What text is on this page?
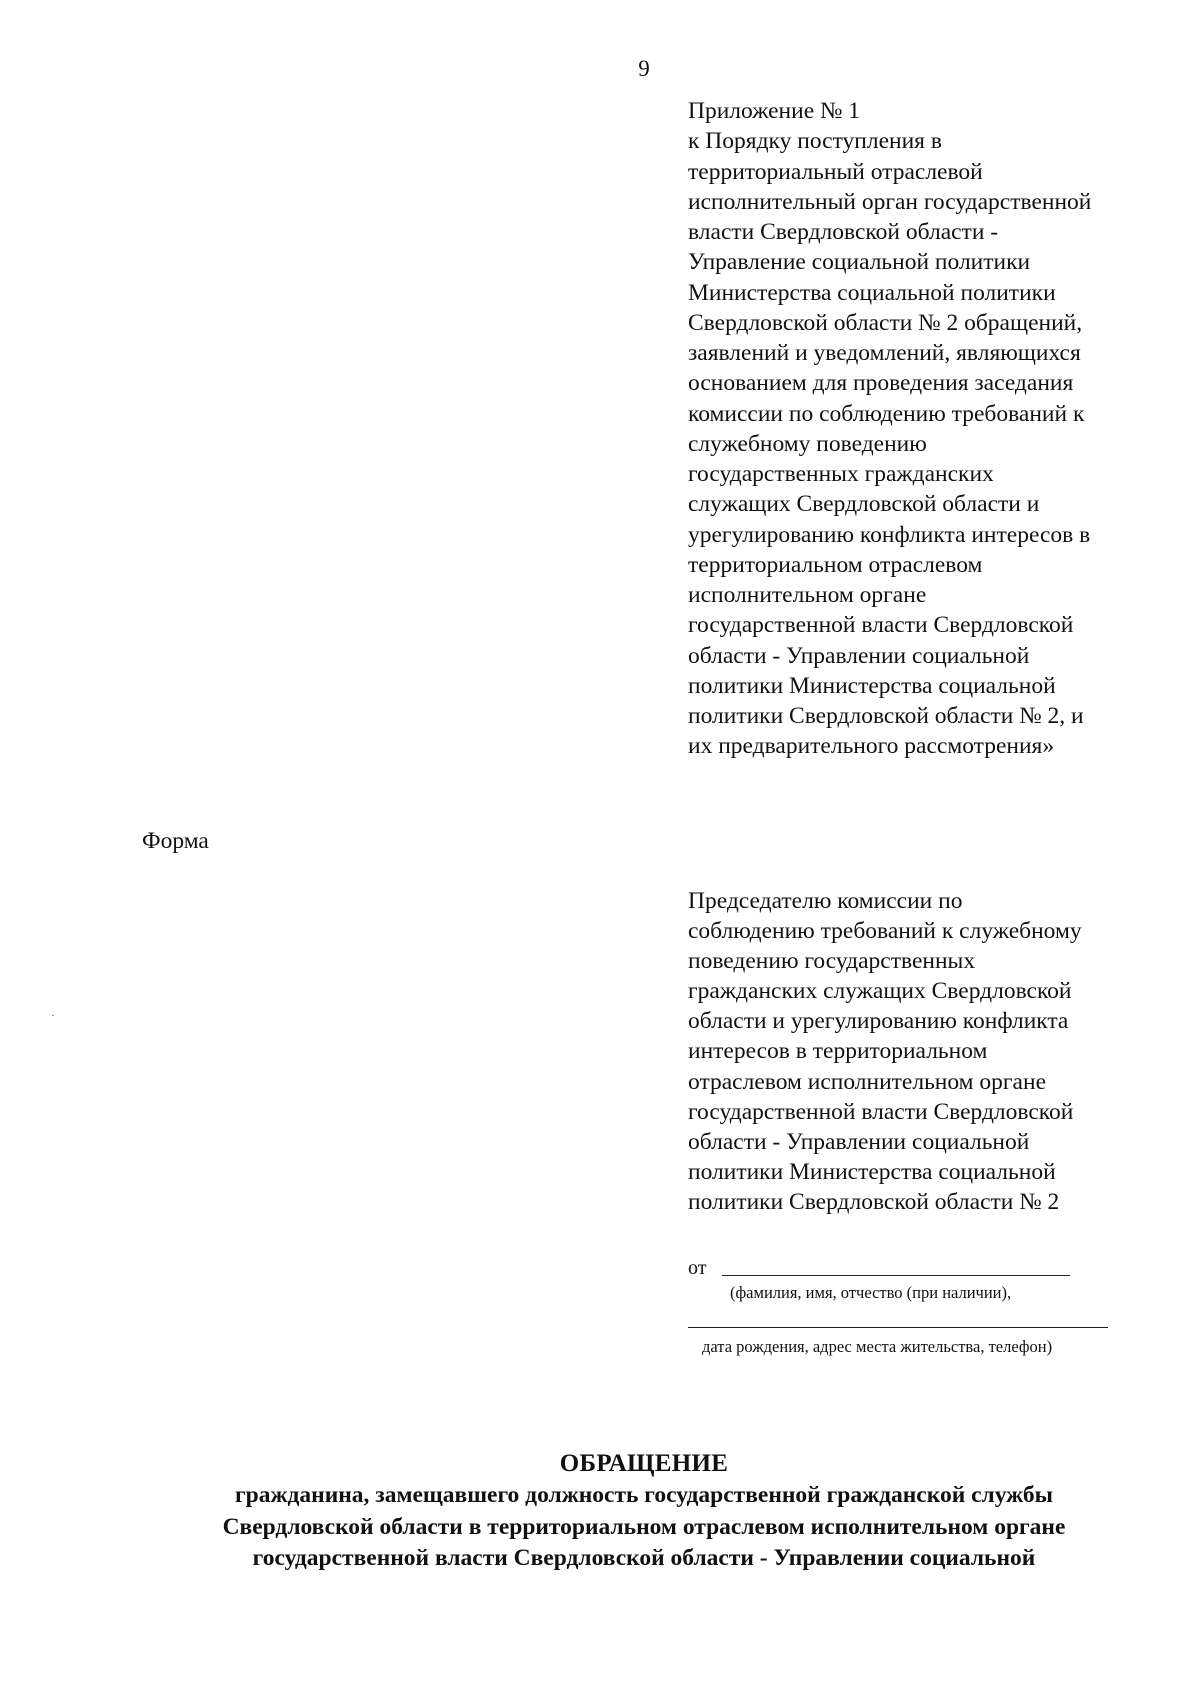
9
Приложение № 1
к Порядку поступления в
территориальный отраслевой
исполнительный орган государственной
власти Свердловской области -
Управление социальной политики
Министерства социальной политики
Свердловской области № 2 обращений,
заявлений и уведомлений, являющихся
основанием для проведения заседания
комиссии по соблюдению требований к
служебному поведению
государственных гражданских
служащих Свердловской области и
урегулированию конфликта интересов в
территориальном отраслевом
исполнительном органе
государственной власти Свердловской
области - Управлении социальной
политики Министерства социальной
политики Свердловской области № 2, и
их предварительного рассмотрения»
Форма
Председателю комиссии по
соблюдению требований к служебному
поведению государственных
гражданских служащих Свердловской
области и урегулированию конфликта
интересов в территориальном
отраслевом исполнительном органе
государственной власти Свердловской
области - Управлении социальной
политики Министерства социальной
политики Свердловской области № 2
от
(фамилия, имя, отчество (при наличии),
дата рождения, адрес места жительства, телефон)
ОБРАЩЕНИЕ
гражданина, замещавшего должность государственной гражданской службы
Свердловской области в территориальном отраслевом исполнительном органе
государственной власти Свердловской области - Управлении социальной
